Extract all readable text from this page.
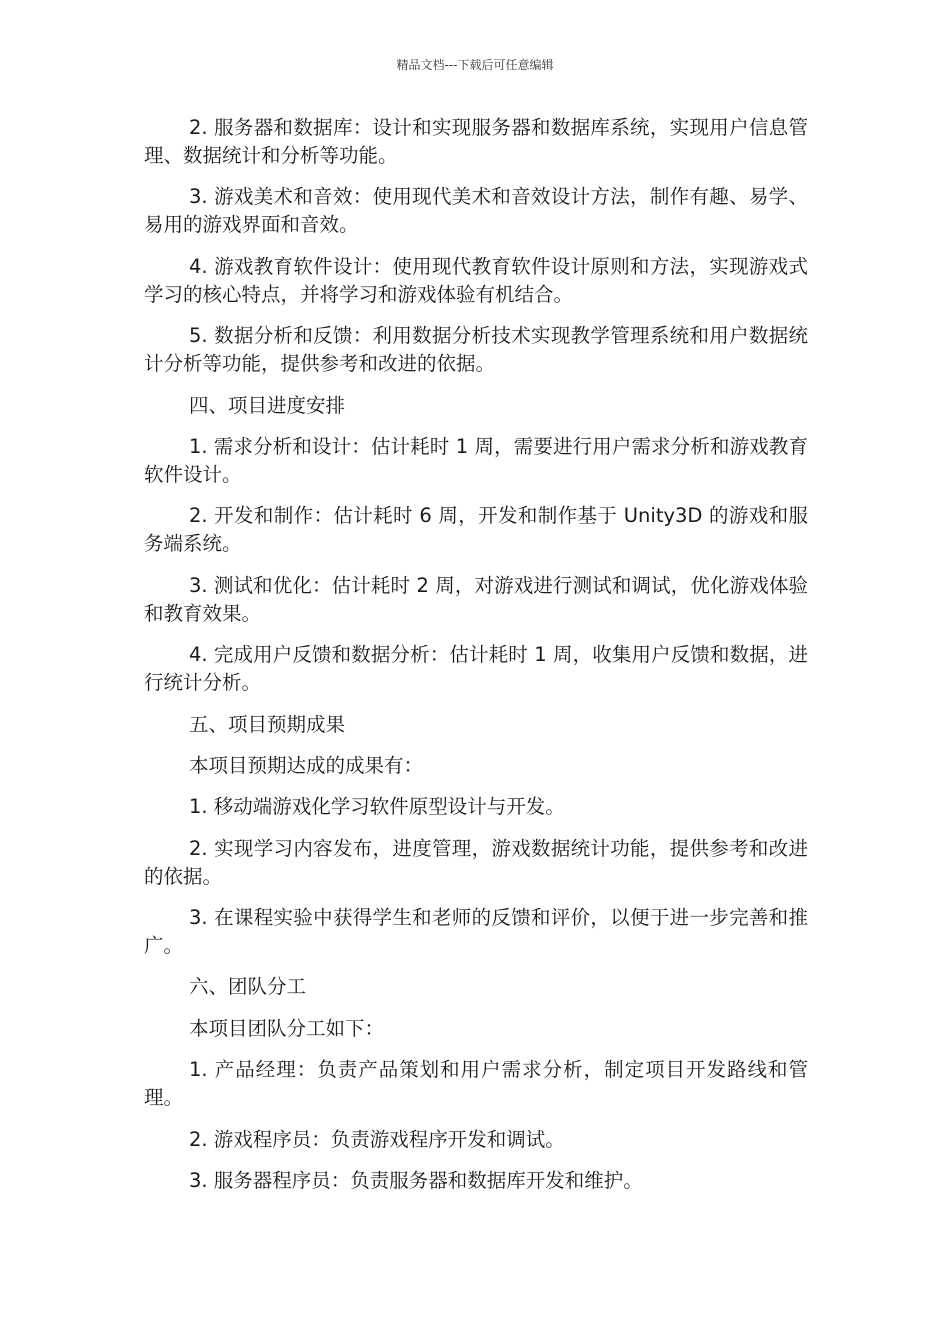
精品文档---下载后可任意编辑

2. 服务器和数据库：设计和实现服务器和数据库系统，实现用户信息管理、数据统计和分析等功能。

3. 游戏美术和音效：使用现代美术和音效设计方法，制作有趣、易学、易用的游戏界面和音效。

4. 游戏教育软件设计：使用现代教育软件设计原则和方法，实现游戏式学习的核心特点，并将学习和游戏体验有机结合。

5. 数据分析和反馈：利用数据分析技术实现教学管理系统和用户数据统计分析等功能，提供参考和改进的依据。

四、项目进度安排

1. 需求分析和设计：估计耗时 1 周，需要进行用户需求分析和游戏教育软件设计。

2. 开发和制作：估计耗时 6 周，开发和制作基于 Unity3D 的游戏和服务端系统。

3. 测试和优化：估计耗时 2 周，对游戏进行测试和调试，优化游戏体验和教育效果。

4. 完成用户反馈和数据分析：估计耗时 1 周，收集用户反馈和数据，进行统计分析。

五、项目预期成果

本项目预期达成的成果有：

1. 移动端游戏化学习软件原型设计与开发。

2. 实现学习内容发布，进度管理，游戏数据统计功能，提供参考和改进的依据。

3. 在课程实验中获得学生和老师的反馈和评价，以便于进一步完善和推广。

六、团队分工

本项目团队分工如下：

1. 产品经理：负责产品策划和用户需求分析，制定项目开发路线和管理。

2. 游戏程序员：负责游戏程序开发和调试。

3. 服务器程序员：负责服务器和数据库开发和维护。
